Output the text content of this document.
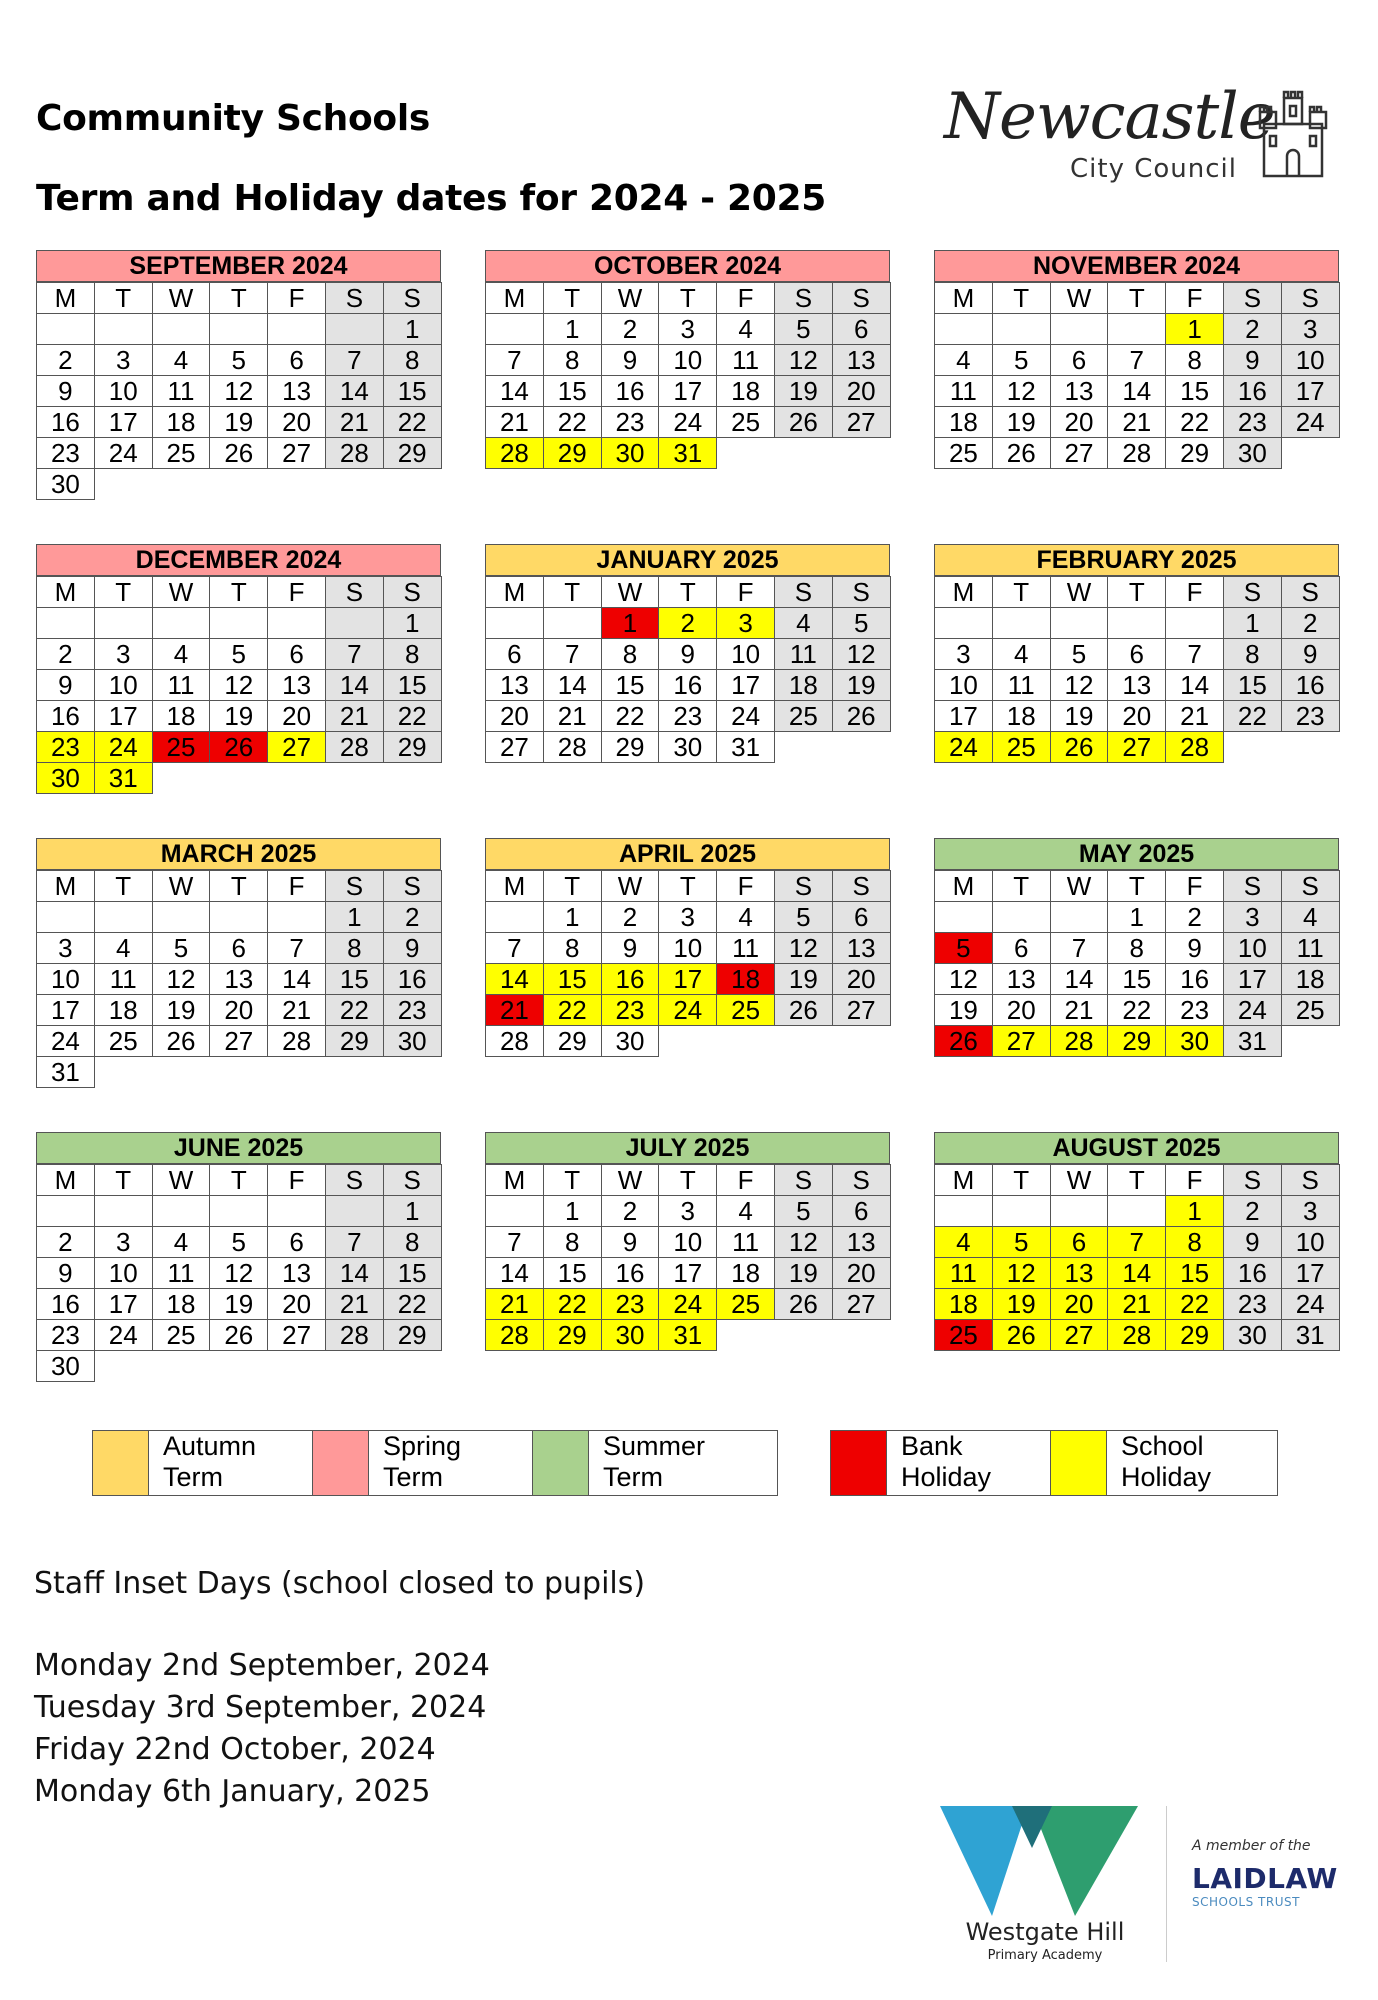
Community Schools
Term and Holiday dates for 2024 - 2025
Newcastle
City Council
SEPTEMBER 2024
M	T	W	T	F	S	S
						1
2	3	4	5	6	7	8
9	10	11	12	13	14	15
16	17	18	19	20	21	22
23	24	25	26	27	28	29
30						
OCTOBER 2024
M	T	W	T	F	S	S
	1	2	3	4	5	6
7	8	9	10	11	12	13
14	15	16	17	18	19	20
21	22	23	24	25	26	27
28	29	30	31			
NOVEMBER 2024
M	T	W	T	F	S	S
				1	2	3
4	5	6	7	8	9	10
11	12	13	14	15	16	17
18	19	20	21	22	23	24
25	26	27	28	29	30	
DECEMBER 2024
M	T	W	T	F	S	S
						1
2	3	4	5	6	7	8
9	10	11	12	13	14	15
16	17	18	19	20	21	22
23	24	25	26	27	28	29
30	31					
JANUARY 2025
M	T	W	T	F	S	S
		1	2	3	4	5
6	7	8	9	10	11	12
13	14	15	16	17	18	19
20	21	22	23	24	25	26
27	28	29	30	31		
FEBRUARY 2025
M	T	W	T	F	S	S
					1	2
3	4	5	6	7	8	9
10	11	12	13	14	15	16
17	18	19	20	21	22	23
24	25	26	27	28		
MARCH 2025
M	T	W	T	F	S	S
					1	2
3	4	5	6	7	8	9
10	11	12	13	14	15	16
17	18	19	20	21	22	23
24	25	26	27	28	29	30
31						
APRIL 2025
M	T	W	T	F	S	S
	1	2	3	4	5	6
7	8	9	10	11	12	13
14	15	16	17	18	19	20
21	22	23	24	25	26	27
28	29	30				
MAY 2025
M	T	W	T	F	S	S
			1	2	3	4
5	6	7	8	9	10	11
12	13	14	15	16	17	18
19	20	21	22	23	24	25
26	27	28	29	30	31	
JUNE 2025
M	T	W	T	F	S	S
						1
2	3	4	5	6	7	8
9	10	11	12	13	14	15
16	17	18	19	20	21	22
23	24	25	26	27	28	29
30						
JULY 2025
M	T	W	T	F	S	S
	1	2	3	4	5	6
7	8	9	10	11	12	13
14	15	16	17	18	19	20
21	22	23	24	25	26	27
28	29	30	31			
AUGUST 2025
M	T	W	T	F	S	S
				1	2	3
4	5	6	7	8	9	10
11	12	13	14	15	16	17
18	19	20	21	22	23	24
25	26	27	28	29	30	31
Autumn
Term
Spring
Term
Summer
Term
Bank
Holiday
School
Holiday
Staff Inset Days (school closed to pupils)
Monday 2nd September, 2024
Tuesday 3rd September, 2024
Friday 22nd October, 2024
Monday 6th January, 2025
Westgate Hill
Primary Academy
A member of the
LAIDLAW
SCHOOLS TRUST
